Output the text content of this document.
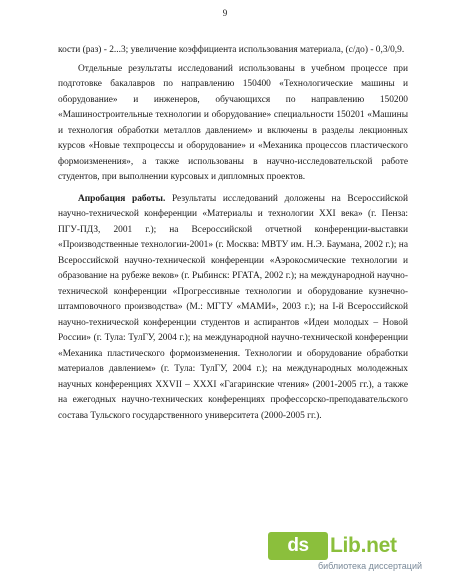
9

кости (раз) - 2...3; увеличение коэффициента использования материала, (с/до) - 0,3/0,9.

Отдельные результаты исследований использованы в учебном процессе при подготовке бакалавров по направлению 150400 «Технологические машины и оборудование» и инженеров, обучающихся по направлению 150200 «Машиностроительные технологии и оборудование» специальности 150201 «Машины и технология обработки металлов давлением» и включены в разделы лекционных курсов «Новые техпроцессы и оборудование» и «Механика процессов пластического формоизменения», а также использованы в научно-исследовательской работе студентов, при выполнении курсовых и дипломных проектов.

Апробация работы. Результаты исследований доложены на Всероссийской научно-технической конференции «Материалы и технологии XXI века» (г. Пенза: ПГУ-ПДЗ, 2001 г.); на Всероссийской отчетной конференции-выставки «Производственные технологии-2001» (г. Москва: МВТУ им. Н.Э. Баумана, 2002 г.); на Всероссийской научно-технической конференции «Аэрокосмические технологии и образование на рубеже веков» (г. Рыбинск: РГАТА, 2002 г.); на международной научно-технической конференции «Прогрессивные технологии и оборудование кузнечно-штамповочного производства» (М.: МГТУ «МАМИ», 2003 г.); на I-й Всероссийской научно-технической конференции студентов и аспирантов «Идеи молодых – Новой России» (г. Тула: ТулГУ, 2004 г.); на международной научно-технической конференции «Механика пластического формоизменения. Технологии и оборудование обработки материалов давлением» (г. Тула: ТулГУ, 2004 г.); на международных молодежных научных конференциях XXVII – XXXI «Гагаринские чтения» (2001-2005 гг.), а также на ежегодных научно-технических конференциях профессорско-преподавательского состава Тульского государственного университета (2000-2005 гг.).

ds	Lib.net
библиотека диссертаций
